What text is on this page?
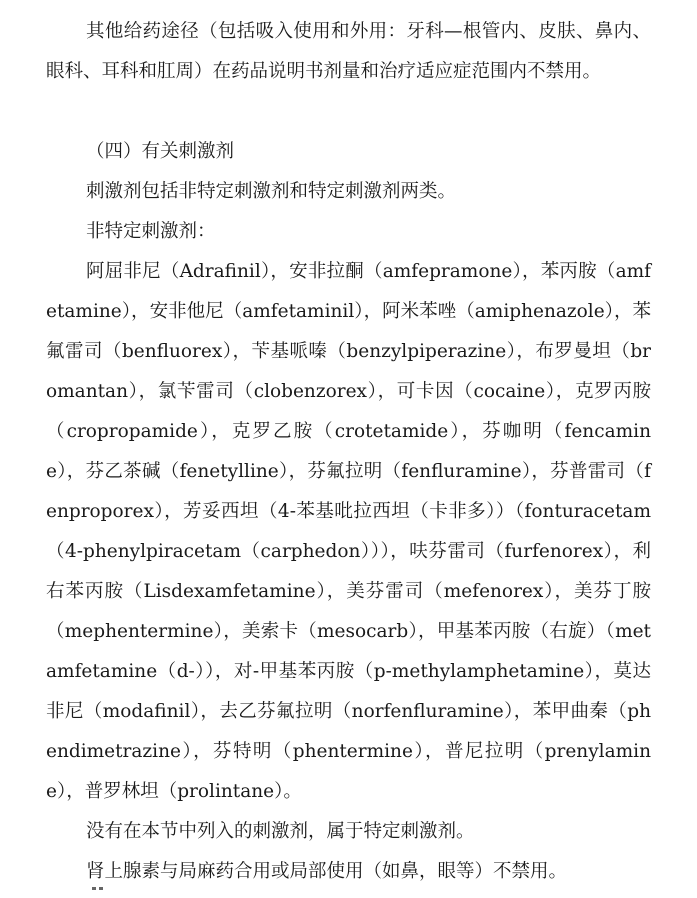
其他给药途径（包括吸入使用和外用：牙科—根管内、皮肤、鼻内、眼科、耳科和肛周）在药品说明书剂量和治疗适应症范围内不禁用。

（四）有关刺激剂

刺激剂包括非特定刺激剂和特定刺激剂两类。

非特定刺激剂：

阿屈非尼（Adrafinil），安非拉酮（amfepramone），苯丙胺（amfetamine），安非他尼（amfetaminil），阿米苯唑（amiphenazole），苯氟雷司（benfluorex），苄基哌嗪（benzylpiperazine），布罗曼坦（bromantan），氯苄雷司（clobenzorex），可卡因（cocaine），克罗丙胺（cropropamide），克罗乙胺（crotetamide），芬咖明（fencamine），芬乙茶碱（fenetylline），芬氟拉明（fenfluramine），芬普雷司（fenproporex），芳妥西坦（4-苯基吡拉西坦（卡非多））（fonturacetam（4-phenylpiracetam（carphedon））），呋芬雷司（furfenorex），利右苯丙胺（Lisdexamfetamine），美芬雷司（mefenorex），美芬丁胺（mephentermine），美索卡（mesocarb），甲基苯丙胺（右旋）（metamfetamine（d-）），对-甲基苯丙胺（p-methylamphetamine），莫达非尼（modafinil），去乙芬氟拉明（norfenfluramine），苯甲曲秦（phendimetrazine），芬特明（phentermine），普尼拉明（prenylamine），普罗林坦（prolintane）。

没有在本节中列入的刺激剂，属于特定刺激剂。

肾上腺素与局麻药合用或局部使用（如鼻，眼等）不禁用。
